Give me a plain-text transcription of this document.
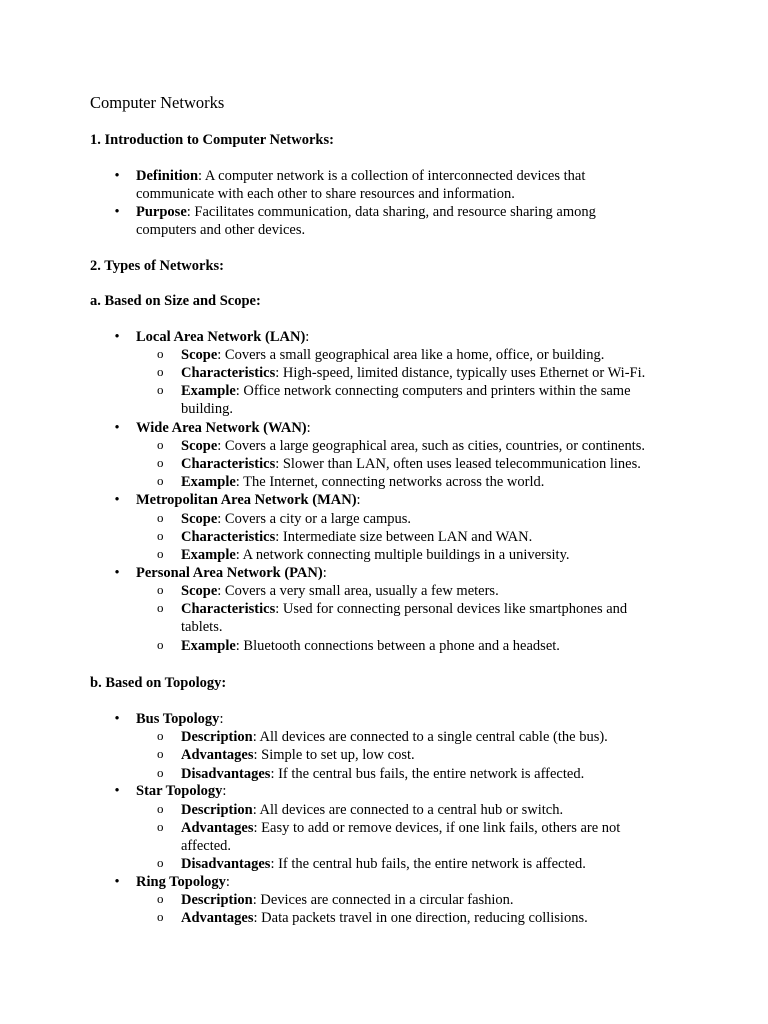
Computer Networks
1. Introduction to Computer Networks:
• Definition: A computer network is a collection of interconnected devices that
communicate with each other to share resources and information.
• Purpose: Facilitates communication, data sharing, and resource sharing among
computers and other devices.
2. Types of Networks:
a. Based on Size and Scope:
• Local Area Network (LAN):
o Scope: Covers a small geographical area like a home, office, or building.
o Characteristics: High-speed, limited distance, typically uses Ethernet or Wi-Fi.
o Example: Office network connecting computers and printers within the same
building.
• Wide Area Network (WAN):
o Scope: Covers a large geographical area, such as cities, countries, or continents.
o Characteristics: Slower than LAN, often uses leased telecommunication lines.
o Example: The Internet, connecting networks across the world.
• Metropolitan Area Network (MAN):
o Scope: Covers a city or a large campus.
o Characteristics: Intermediate size between LAN and WAN.
o Example: A network connecting multiple buildings in a university.
• Personal Area Network (PAN):
o Scope: Covers a very small area, usually a few meters.
o Characteristics: Used for connecting personal devices like smartphones and
tablets.
o Example: Bluetooth connections between a phone and a headset.
b. Based on Topology:
• Bus Topology:
o Description: All devices are connected to a single central cable (the bus).
o Advantages: Simple to set up, low cost.
o Disadvantages: If the central bus fails, the entire network is affected.
• Star Topology:
o Description: All devices are connected to a central hub or switch.
o Advantages: Easy to add or remove devices, if one link fails, others are not
affected.
o Disadvantages: If the central hub fails, the entire network is affected.
• Ring Topology:
o Description: Devices are connected in a circular fashion.
o Advantages: Data packets travel in one direction, reducing collisions.
